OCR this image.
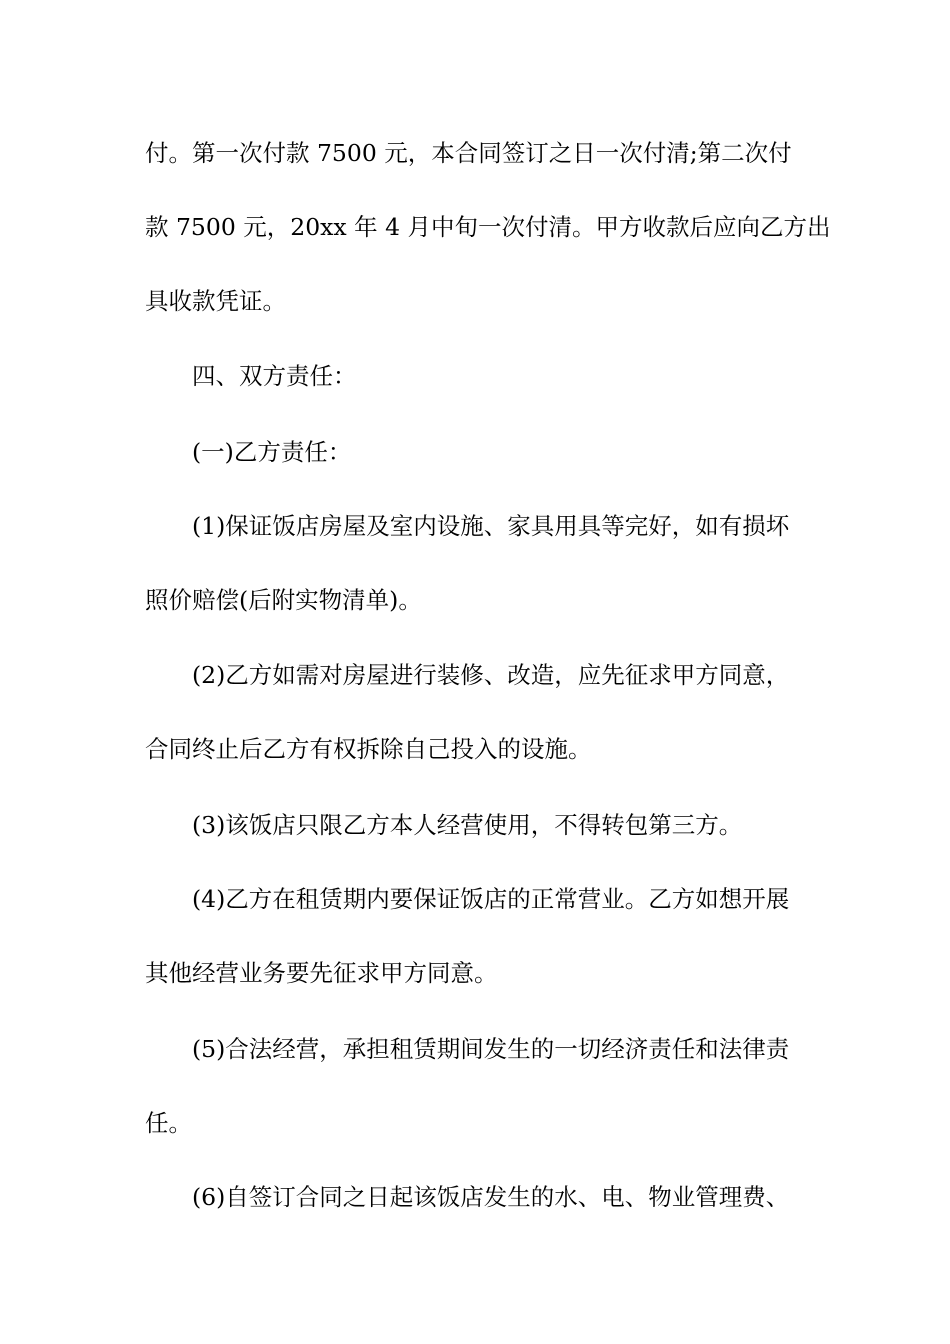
付。第一次付款 7500 元，本合同签订之日一次付清;第二次付
款 7500 元，20xx 年 4 月中旬一次付清。甲方收款后应向乙方出
具收款凭证。
四、双方责任：
(一)乙方责任：
(1)保证饭店房屋及室内设施、家具用具等完好，如有损坏
照价赔偿(后附实物清单)。
(2)乙方如需对房屋进行装修、改造，应先征求甲方同意，
合同终止后乙方有权拆除自己投入的设施。
(3)该饭店只限乙方本人经营使用，不得转包第三方。
(4)乙方在租赁期内要保证饭店的正常营业。乙方如想开展
其他经营业务要先征求甲方同意。
(5)合法经营，承担租赁期间发生的一切经济责任和法律责
任。
(6)自签订合同之日起该饭店发生的水、电、物业管理费、
